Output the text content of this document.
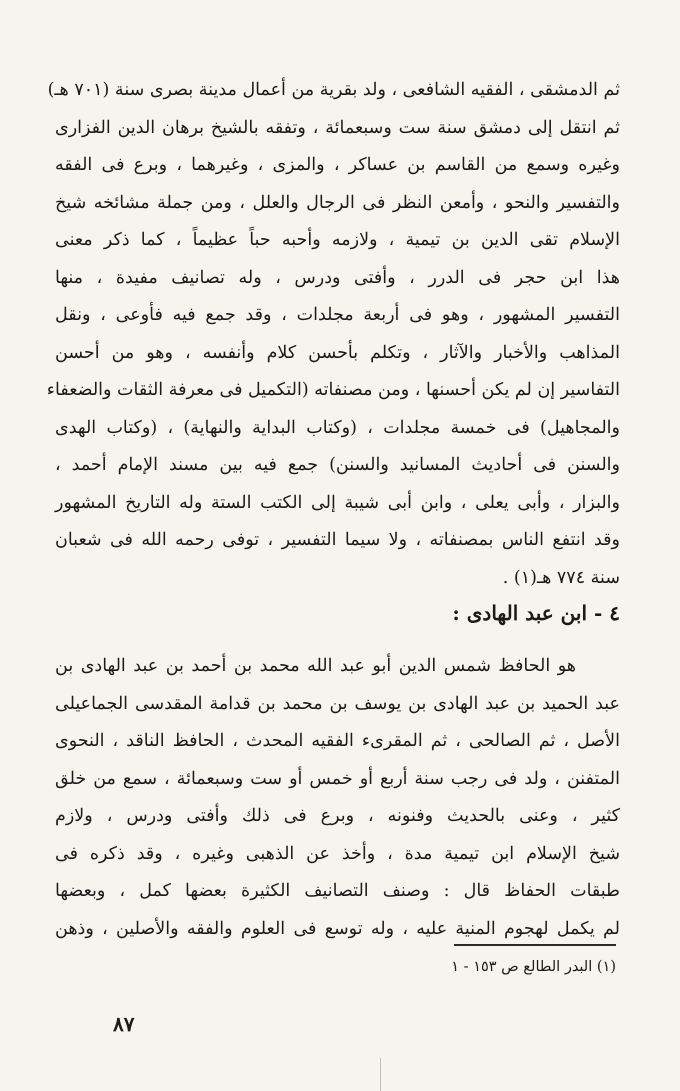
ثم الدمشقى ، الفقيه الشافعى ، ولد بقرية من أعمال مدينة بصرى سنة (٧٠١ هـ)
ثم انتقل إلى دمشق سنة ست وسبعمائة ، وتفقه بالشيخ برهان الدين الفزارى
وغيره وسمع من القاسم بن عساكر ، والمزى ، وغيرهما ، وبرع فى الفقه
والتفسير والنحو ، وأمعن النظر فى الرجال والعلل ، ومن جملة مشائخه شيخ
الإسلام تقى الدين بن تيمية ، ولازمه وأحبه حباً عظيماً ، كما ذكر معنى
هذا ابن حجر فى الدرر ، وأفتى ودرس ، وله تصانيف مفيدة ، منها
التفسير المشهور ، وهو فى أربعة مجلدات ، وقد جمع فيه فأوعى ، ونقل
المذاهب والأخبار والآثار ، وتكلم بأحسن كلام وأنفسه ، وهو من أحسن
التفاسير إن لم يكن أحسنها ، ومن مصنفاته (التكميل فى معرفة الثقات والضعفاء
والمجاهيل) فى خمسة مجلدات ، (وكتاب البداية والنهاية) ، (وكتاب الهدى
والسنن فى أحاديث المسانيد والسنن) جمع فيه بين مسند الإمام أحمد ،
والبزار ، وأبى يعلى ، وابن أبى شيبة إلى الكتب الستة وله التاريخ المشهور
وقد انتفع الناس بمصنفاته ، ولا سيما التفسير ، توفى رحمه الله فى شعبان
سنة ٧٧٤ هـ(١) .
٤ - ابن عبد الهادى :
هو الحافظ شمس الدين أبو عبد الله محمد بن أحمد بن عبد الهادى بن
عبد الحميد بن عبد الهادى بن يوسف بن محمد بن قدامة المقدسى الجماعيلى
الأصل ، ثم الصالحى ، ثم المقرىء الفقيه المحدث ، الحافظ الناقد ، النحوى
المتفنن ، ولد فى رجب سنة أربع أو خمس أو ست وسبعمائة ، سمع من خلق
كثير ، وعنى بالحديث وفنونه ، وبرع فى ذلك وأفتى ودرس ، ولازم
شيخ الإسلام ابن تيمية مدة ، وأخذ عن الذهبى وغيره ، وقد ذكره فى
طبقات الحفاظ قال : وصنف التصانيف الكثيرة بعضها كمل ، وبعضها
لم يكمل لهجوم المنية عليه ، وله توسع فى العلوم والفقه والأصلين ، وذهن
(١) البدر الطالع ص ١٥٣ - ١
٨٧
